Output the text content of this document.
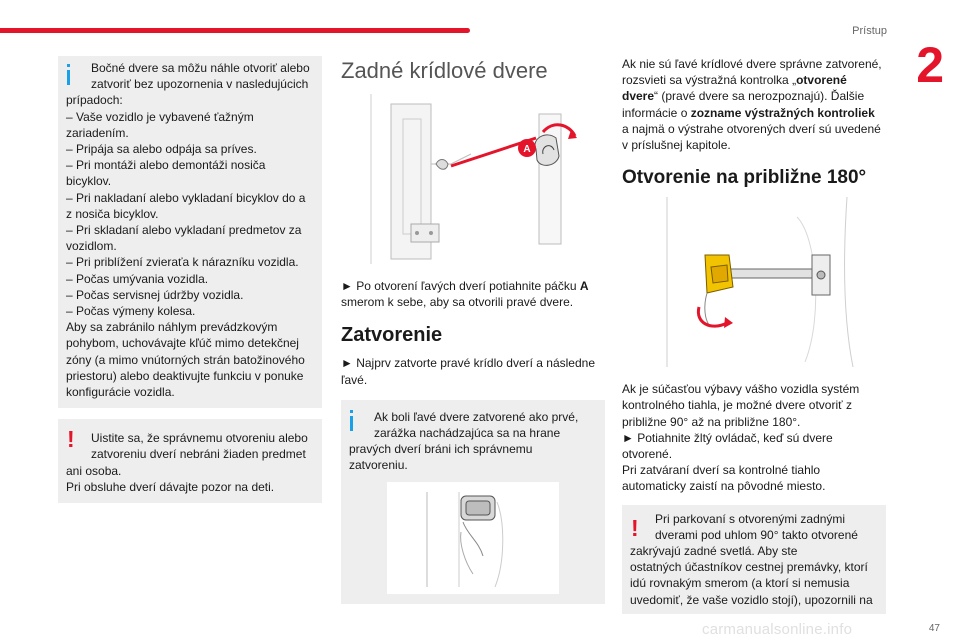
Prístup
2
Bočné dvere sa môžu náhle otvoriť alebo
zatvoriť bez upozornenia v nasledujúcich
prípadoch:
– Vaše vozidlo je vybavené ťažným
zariadením.
– Pripája sa alebo odpája sa príves.
– Pri montáži alebo demontáži nosiča
bicyklov.
– Pri nakladaní alebo vykladaní bicyklov do a
z nosiča bicyklov.
– Pri skladaní alebo vykladaní predmetov za
vozidlom.
– Pri priblížení zvieraťa k nárazníku vozidla.
– Počas umývania vozidla.
– Počas servisnej údržby vozidla.
– Počas výmeny kolesa.
Aby sa zabránilo náhlym prevádzkovým
pohybom, uchovávajte kľúč mimo detekčnej
zóny (a mimo vnútorných strán batožinového
priestoru) alebo deaktivujte funkciu v ponuke
konfigurácie vozidla.
!	Uistite sa, že správnemu otvoreniu alebo
zatvoreniu dverí nebráni žiaden predmet
ani osoba.
Pri obsluhe dverí dávajte pozor na deti.
Zadné krídlové dvere
A
► Po otvorení ľavých dverí potiahnite páčku A
smerom k sebe, aby sa otvorili pravé dvere.
Zatvorenie
► Najprv zatvorte pravé krídlo dverí a následne
ľavé.
Ak boli ľavé dvere zatvorené ako prvé,
zarážka nachádzajúca sa na hrane
pravých dverí bráni ich správnemu
zatvoreniu.
Ak nie sú ľavé krídlové dvere správne zatvorené,
rozsvieti sa výstražná kontrolka „otvorené
dvere“ (pravé dvere sa nerozpoznajú). Ďalšie
informácie o zozname výstražných kontroliek
a najmä o výstrahe otvorených dverí sú uvedené
v príslušnej kapitole.
Otvorenie na približne 180°
Ak je súčasťou výbavy vášho vozidla systém
kontrolného tiahla, je možné dvere otvoriť z
približne 90° až na približne 180°.
► Potiahnite žltý ovládač, keď sú dvere
otvorené.
Pri zatváraní dverí sa kontrolné tiahlo
automaticky zaistí na pôvodné miesto.
!	Pri parkovaní s otvorenými zadnými
dverami pod uhlom 90° takto otvorené
zakrývajú zadné svetlá. Aby ste
ostatných účastníkov cestnej premávky, ktorí
idú rovnakým smerom (a ktorí si nemusia
uvedomiť, že vaše vozidlo stojí), upozornili na
carmanualsonline.info	47
